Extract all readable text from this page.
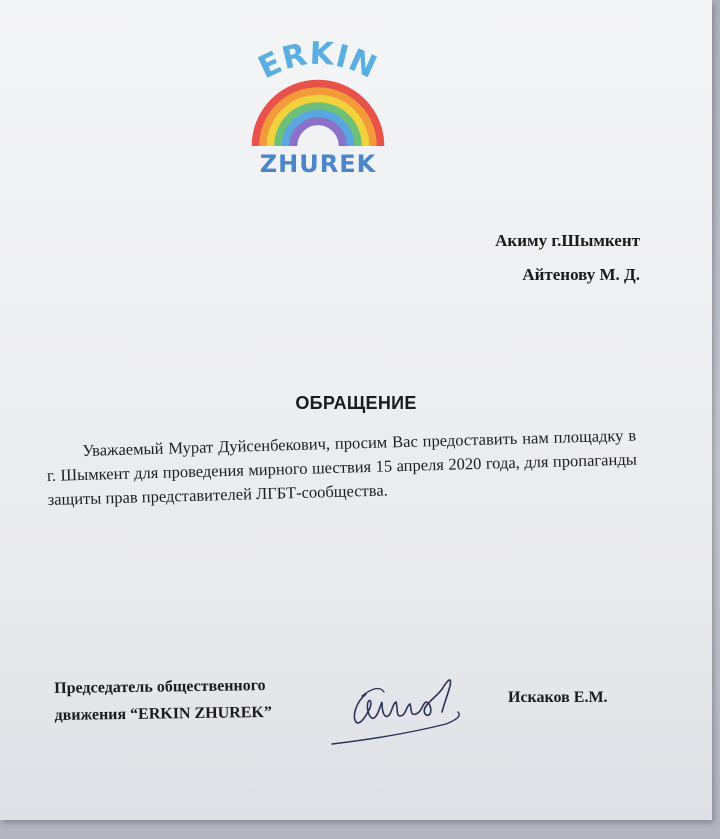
ERKIN
ZHUREK
Акиму г.Шымкент
Айтенову М. Д.
ОБРАЩЕНИЕ
Уважаемый Мурат Дуйсенбекович, просим Вас предоставить нам площадку в г. Шымкент для проведения мирного шествия 15 апреля 2020 года, для пропаганды защиты прав представителей ЛГБТ-сообщества.
Председатель общественного
движения “ERKIN ZHUREK”
Искаков Е.М.
